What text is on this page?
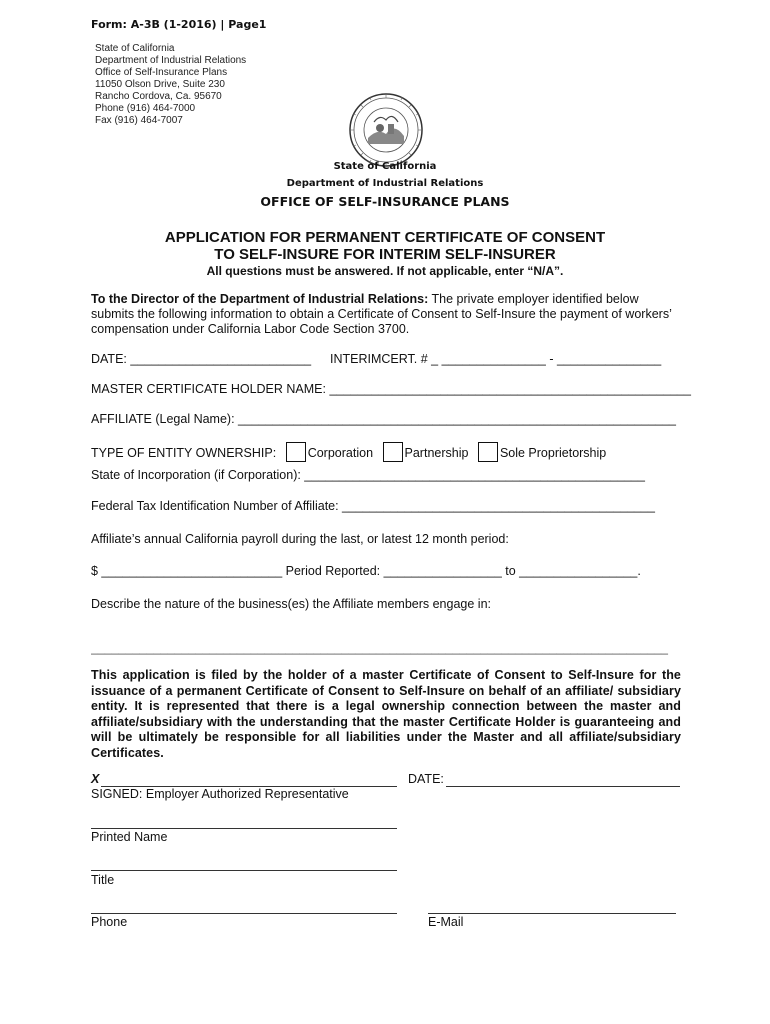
Form: A-3B (1-2016) | Page1
State of California
Department of Industrial Relations
Office of Self-Insurance Plans
11050 Olson Drive, Suite 230
Rancho Cordova, Ca. 95670
Phone (916) 464-7000
Fax (916) 464-7007
State of California
Department of Industrial Relations
OFFICE OF SELF-INSURANCE PLANS
APPLICATION FOR PERMANENT CERTIFICATE OF CONSENT
TO SELF-INSURE FOR INTERIM SELF-INSURER
All questions must be answered. If not applicable, enter “N/A”.
To the Director of the Department of Industrial Relations: The private employer identified below submits the following information to obtain a Certificate of Consent to Self-Insure the payment of workers’ compensation under California Labor Code Section 3700.
DATE: __________________________ INTERIMCERT. # _ _______________ - _______________
MASTER CERTIFICATE HOLDER NAME: ____________________________________________________
AFFILIATE (Legal Name): _______________________________________________________________
TYPE OF ENTITY OWNERSHIP:	Corporation	Partnership	Sole Proprietorship
State of Incorporation (if Corporation): _________________________________________________
Federal Tax Identification Number of Affiliate: _____________________________________________
Affiliate’s annual California payroll during the last, or latest 12 month period:
$ __________________________ Period Reported: _________________ to _________________.
Describe the nature of the business(es) the Affiliate members engage in:
___________________________________________________________________________________
This application is filed by the holder of a master Certificate of Consent to Self-Insure for the issuance of a permanent Certificate of Consent to Self-Insure on behalf of an affiliate/ subsidiary entity. It is represented that there is a legal ownership connection between the master and affiliate/subsidiary with the understanding that the master Certificate Holder is guaranteeing and will be ultimately be responsible for all liabilities under the Master and all affiliate/subsidiary Certificates.
X	DATE:
SIGNED: Employer Authorized Representative
Printed Name
Title
Phone	E-Mail
